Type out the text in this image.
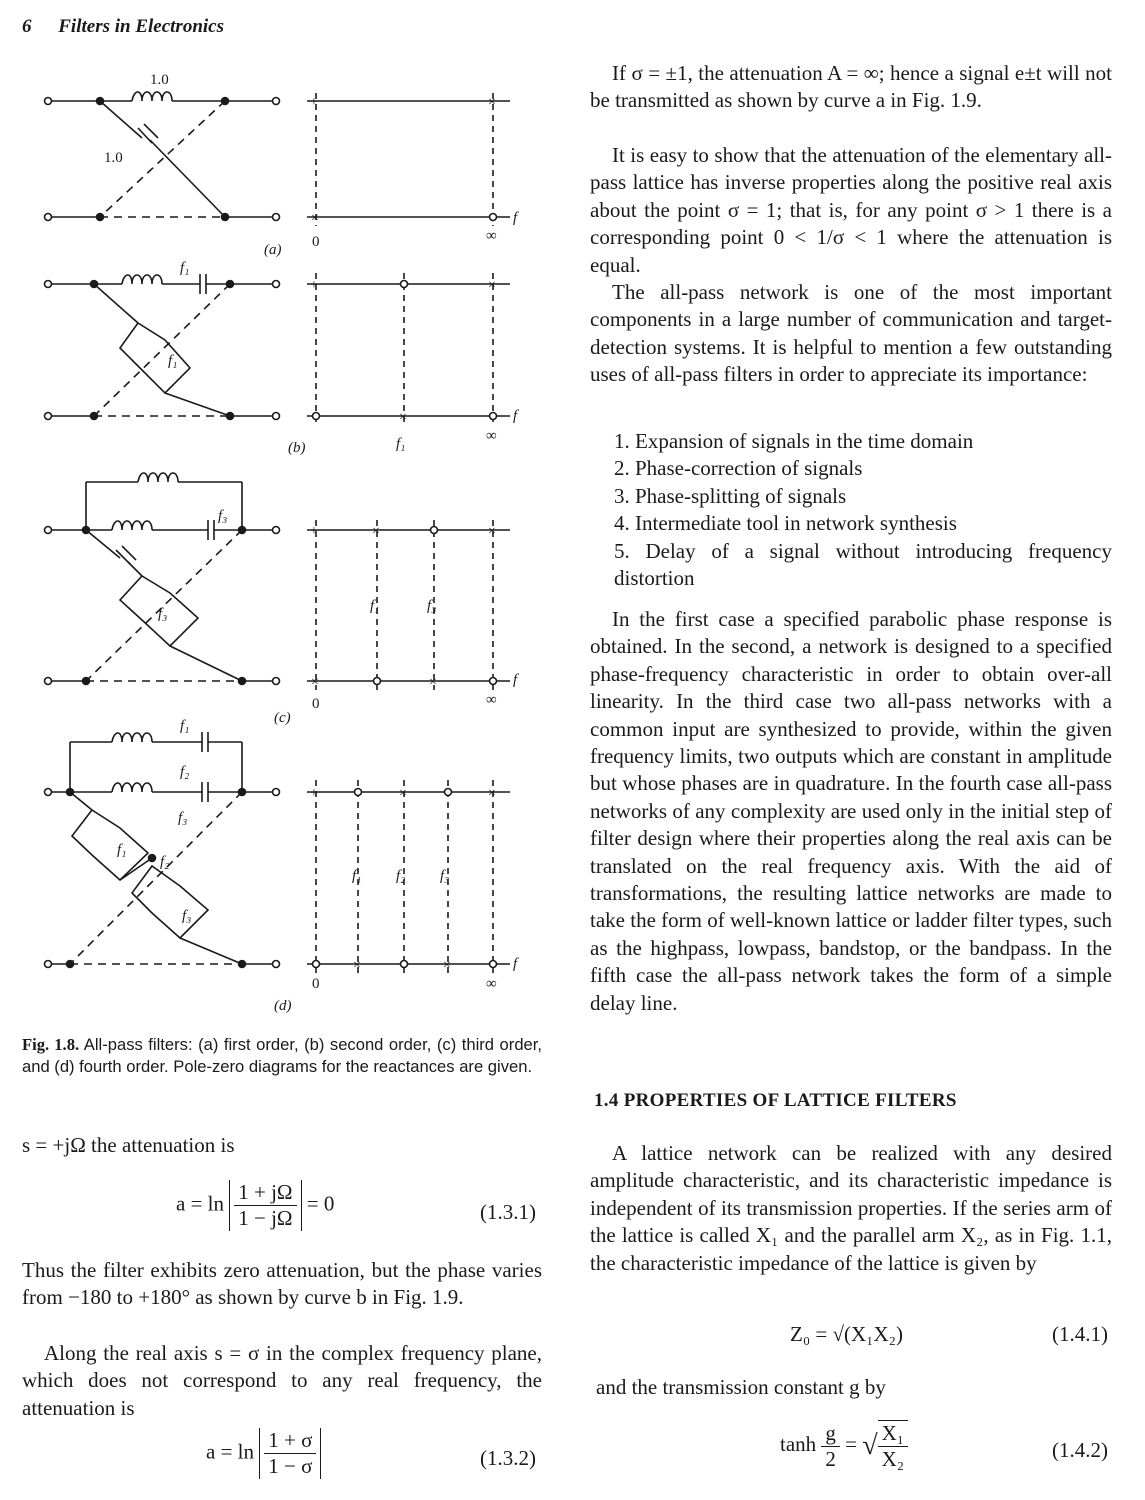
6 Filters in Electronics
1.0
1.0
+	×
×
0	∞
f
(a)
f₁
f₁
+	×
×
f₁	∞
f
(b)
f₃
f₃
+	×	×
×	×
f₁	f₃
0	∞
f
(c)
f₁
f₂
f₃
f₁
f₂
f₃
+	×	×
×	×
f₁ f₂ f₃
0	∞
f
(d)
Fig. 1.8. All-pass filters: (a) first order, (b) second order, (c) third order, and (d) fourth order. Pole-zero diagrams for the reactances are given.
s = +jΩ the attenuation is
$a = \ln \frac{1 + j\Omega}{1 - j\Omega} = 0$	(1.3.1)
Thus the filter exhibits zero attenuation, but the phase varies from −180 to +180° as shown by curve b in Fig. 1.9.
Along the real axis s = σ in the complex frequency plane, which does not correspond to any real frequency, the attenuation is
$a = \ln \frac{1 + \sigma}{1 - \sigma}$	(1.3.2)
If σ = ±1, the attenuation A = ∞; hence a signal e±t will not be transmitted as shown by curve a in Fig. 1.9.
It is easy to show that the attenuation of the elementary all-pass lattice has inverse properties along the positive real axis about the point σ = 1; that is, for any point σ > 1 there is a corresponding point 0 < 1/σ < 1 where the attenuation is equal.
The all-pass network is one of the most important components in a large number of communication and target-detection systems. It is helpful to mention a few outstanding uses of all-pass filters in order to appreciate its importance:
1. Expansion of signals in the time domain
2. Phase-correction of signals
3. Phase-splitting of signals
4. Intermediate tool in network synthesis
5. Delay of a signal without introducing frequency distortion
In the first case a specified parabolic phase response is obtained. In the second, a network is designed to a specified phase-frequency characteristic in order to obtain over-all linearity. In the third case two all-pass networks with a common input are synthesized to provide, within the given frequency limits, two outputs which are constant in amplitude but whose phases are in quadrature. In the fourth case all-pass networks of any complexity are used only in the initial step of filter design where their properties along the real axis can be translated on the real frequency axis. With the aid of transformations, the resulting lattice networks are made to take the form of well-known lattice or ladder filter types, such as the highpass, lowpass, bandstop, or the bandpass. In the fifth case the all-pass network takes the form of a simple delay line.
1.4 PROPERTIES OF LATTICE FILTERS
A lattice network can be realized with any desired amplitude characteristic, and its characteristic impedance is independent of its transmission properties. If the series arm of the lattice is called X₁ and the parallel arm X₂, as in Fig. 1.1, the characteristic impedance of the lattice is given by
Z₀ = √(X₁X₂)	(1.4.1)
and the transmission constant g by
$\tanh \frac{g}{2}$ = √ $\frac{\text{X₁}}{\text{X₂}}$	(1.4.2)
